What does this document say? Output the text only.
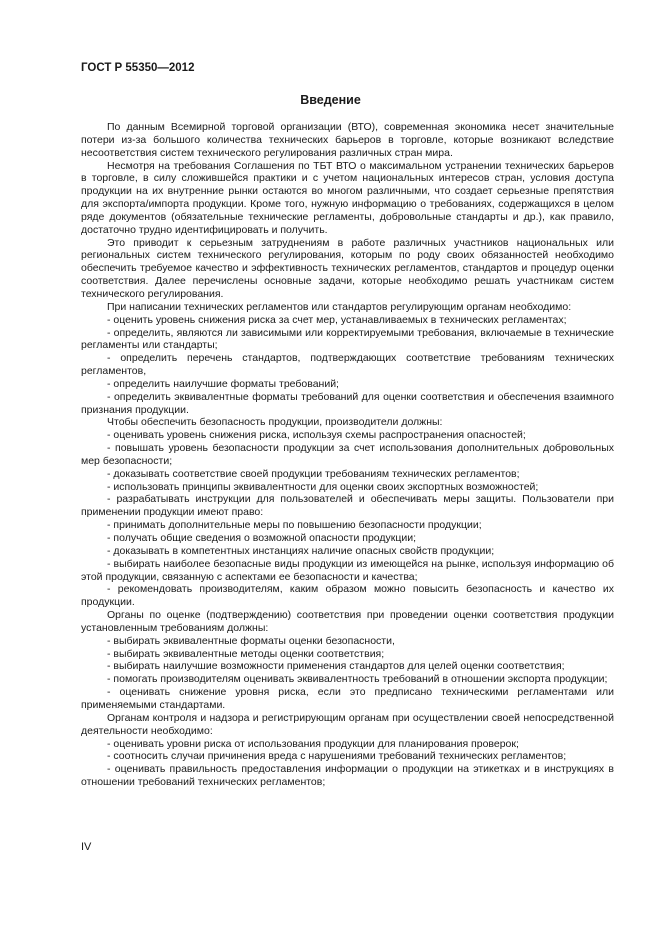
ГОСТ Р 55350—2012
Введение

По данным Всемирной торговой организации (ВТО), современная экономика несет значительные потери из-за большого количества технических барьеров в торговле, которые возникают вследствие несоответствия систем технического регулирования различных стран мира.

Несмотря на требования Соглашения по ТБТ ВТО о максимальном устранении технических барьеров в торговле, в силу сложившейся практики и с учетом национальных интересов стран, условия доступа продукции на их внутренние рынки остаются во многом различными, что создает серьезные препятствия для экспорта/импорта продукции. Кроме того, нужную информацию о требованиях, содержащихся в целом ряде документов (обязательные технические регламенты, добровольные стандарты и др.), как правило, достаточно трудно идентифицировать и получить.

Это приводит к серьезным затруднениям в работе различных участников национальных или региональных систем технического регулирования, которым по роду своих обязанностей необходимо обеспечить требуемое качество и эффективность технических регламентов, стандартов и процедур оценки соответствия. Далее перечислены основные задачи, которые необходимо решать участникам систем технического регулирования.

При написании технических регламентов или стандартов регулирующим органам необходимо:

- оценить уровень снижения риска за счет мер, устанавливаемых в технических регламентах;

- определить, являются ли зависимыми или корректируемыми требования, включаемые в технические регламенты или стандарты;

- определить перечень стандартов, подтверждающих соответствие требованиям технических регламентов,

- определить наилучшие форматы требований;

- определить эквивалентные форматы требований для оценки соответствия и обеспечения взаимного признания продукции.

Чтобы обеспечить безопасность продукции, производители должны:

- оценивать уровень снижения риска, используя схемы распространения опасностей;

- повышать уровень безопасности продукции за счет использования дополнительных добровольных мер безопасности;

- доказывать соответствие своей продукции требованиям технических регламентов;

- использовать принципы эквивалентности для оценки своих экспортных возможностей;

- разрабатывать инструкции для пользователей и обеспечивать меры защиты. Пользователи при применении продукции имеют право:

- принимать дополнительные меры по повышению безопасности продукции;

- получать общие сведения о возможной опасности продукции;

- доказывать в компетентных инстанциях наличие опасных свойств продукции;

- выбирать наиболее безопасные виды продукции из имеющейся на рынке, используя информацию об этой продукции, связанную с аспектами ее безопасности и качества;

- рекомендовать производителям, каким образом можно повысить безопасность и качество их продукции.

Органы по оценке (подтверждению) соответствия при проведении оценки соответствия продукции установленным требованиям должны:

- выбирать эквивалентные форматы оценки безопасности,

- выбирать эквивалентные методы оценки соответствия;

- выбирать наилучшие возможности применения стандартов для целей оценки соответствия;

- помогать производителям оценивать эквивалентность требований в отношении экспорта продукции;

- оценивать снижение уровня риска, если это предписано техническими регламентами или применяемыми стандартами.

Органам контроля и надзора и регистрирующим органам при осуществлении своей непосредственной деятельности необходимо:

- оценивать уровни риска от использования продукции для планирования проверок;

- соотносить случаи причинения вреда с нарушениями требований технических регламентов;

- оценивать правильность предоставления информации о продукции на этикетках и в инструкциях в отношении требований технических регламентов;

IV
